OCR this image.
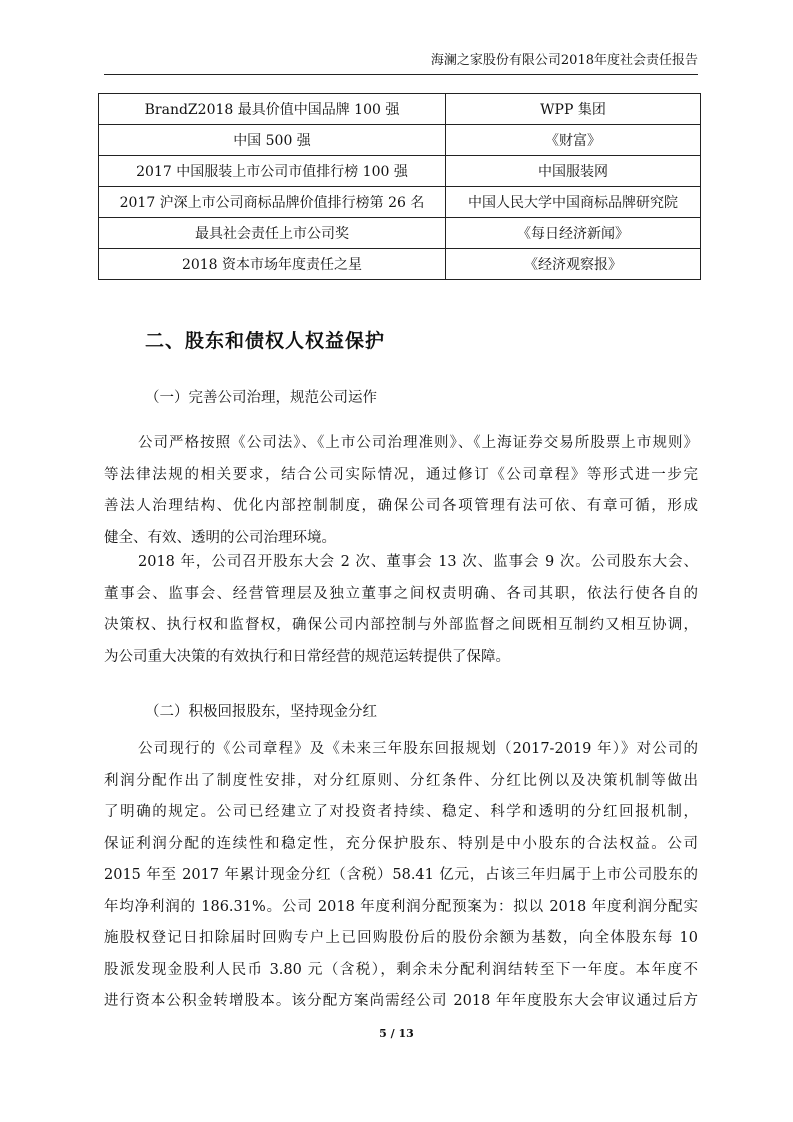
海澜之家股份有限公司2018年度社会责任报告
BrandZ2018 最具价值中国品牌 100 强	WPP 集团
中国 500 强	《财富》
2017 中国服装上市公司市值排行榜 100 强	中国服装网
2017 沪深上市公司商标品牌价值排行榜第 26 名	中国人民大学中国商标品牌研究院
最具社会责任上市公司奖	《每日经济新闻》
2018 资本市场年度责任之星	《经济观察报》
二、股东和债权人权益保护
（一）完善公司治理，规范公司运作
公司严格按照《公司法》、《上市公司治理准则》、《上海证券交易所股票上市规则》
等法律法规的相关要求，结合公司实际情况，通过修订《公司章程》等形式进一步完
善法人治理结构、优化内部控制制度，确保公司各项管理有法可依、有章可循，形成
健全、有效、透明的公司治理环境。
2018 年，公司召开股东大会 2 次、董事会 13 次、监事会 9 次。公司股东大会、
董事会、监事会、经营管理层及独立董事之间权责明确、各司其职，依法行使各自的
决策权、执行权和监督权，确保公司内部控制与外部监督之间既相互制约又相互协调，
为公司重大决策的有效执行和日常经营的规范运转提供了保障。
（二）积极回报股东，坚持现金分红
公司现行的《公司章程》及《未来三年股东回报规划（2017-2019 年）》对公司的
利润分配作出了制度性安排，对分红原则、分红条件、分红比例以及决策机制等做出
了明确的规定。公司已经建立了对投资者持续、稳定、科学和透明的分红回报机制，
保证利润分配的连续性和稳定性，充分保护股东、特别是中小股东的合法权益。公司
2015 年至 2017 年累计现金分红（含税）58.41 亿元，占该三年归属于上市公司股东的
年均净利润的 186.31%。公司 2018 年度利润分配预案为：拟以 2018 年度利润分配实
施股权登记日扣除届时回购专户上已回购股份后的股份余额为基数，向全体股东每 10
股派发现金股利人民币 3.80 元（含税），剩余未分配利润结转至下一年度。本年度不
进行资本公积金转增股本。该分配方案尚需经公司 2018 年年度股东大会审议通过后方
5 / 13
